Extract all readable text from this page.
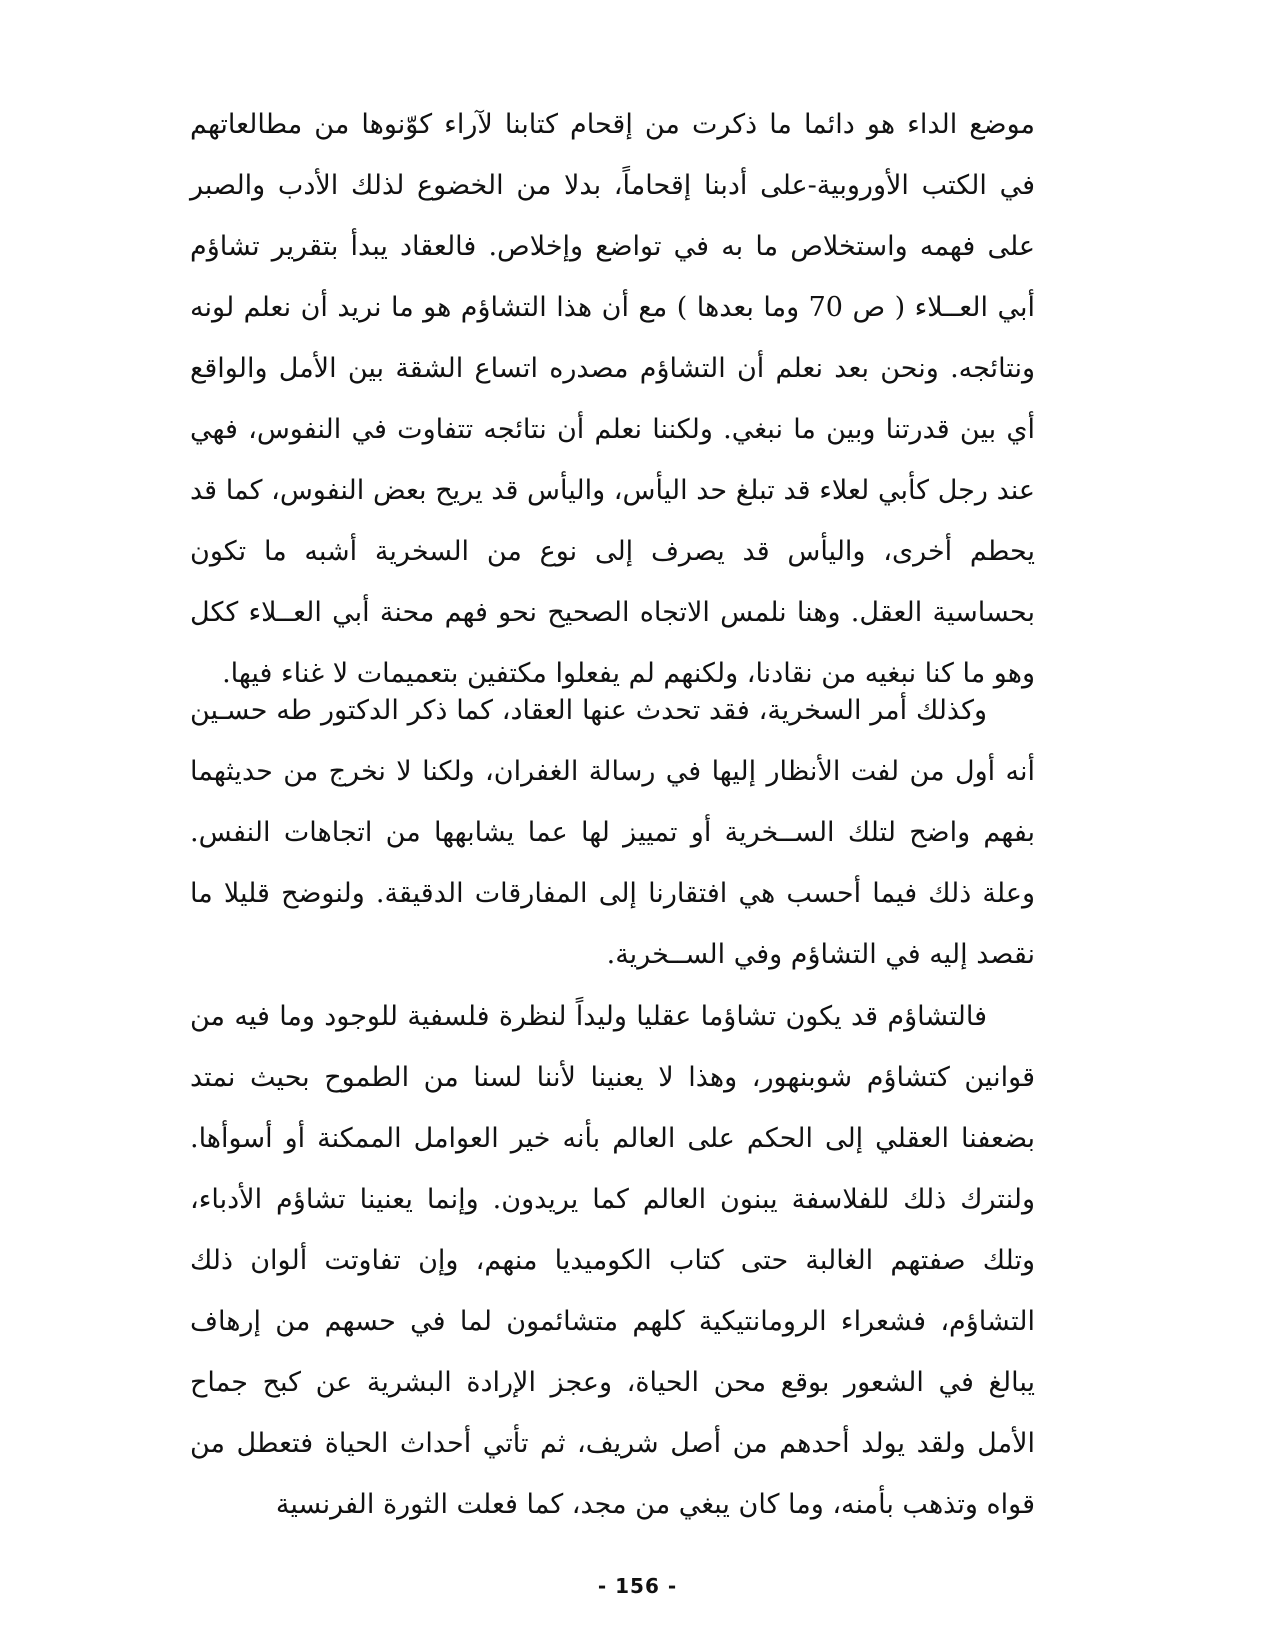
موضع الداء هو دائما ما ذكرت من إقحام كتابنا لآراء كوّنوها من مطالعاتهم في الكتب الأوروبية-على أدبنا إقحاماً، بدلا من الخضوع لذلك الأدب والصبر على فهمه واستخلاص ما به في تواضع وإخلاص. فالعقاد يبدأ بتقرير تشاؤم أبي العــلاء ( ص 70 وما بعدها ) مع أن هذا التشاؤم هو ما نريد أن نعلم لونه ونتائجه. ونحن بعد نعلم أن التشاؤم مصدره اتساع الشقة بين الأمل والواقع أي بين قدرتنا وبين ما نبغي. ولكننا نعلم أن نتائجه تتفاوت في النفوس، فهي عند رجل كأبي لعلاء قد تبلغ حد اليأس، واليأس قد يريح بعض النفوس، كما قد يحطم أخرى، واليأس قد يصرف إلى نوع من السخرية أشبه ما تكون بحساسية العقل. وهنا نلمس الاتجاه الصحيح نحو فهم محنة أبي العــلاء ككل وهو ما كنا نبغيه من نقادنا، ولكنهم لم يفعلوا مكتفين بتعميمات لا غناء فيها.

وكذلك أمر السخرية، فقد تحدث عنها العقاد، كما ذكر الدكتور طه حسـين أنه أول من لفت الأنظار إليها في رسالة الغفران، ولكنا لا نخرج من حديثهما بفهم واضح لتلك الســخرية أو تمييز لها عما يشابهها من اتجاهات النفس. وعلة ذلك فيما أحسب هي افتقارنا إلى المفارقات الدقيقة. ولنوضح قليلا ما نقصد إليه في التشاؤم وفي الســخرية.

فالتشاؤم قد يكون تشاؤما عقليا وليداً لنظرة فلسفية للوجود وما فيه من قوانين كتشاؤم شوبنهور، وهذا لا يعنينا لأننا لسنا من الطموح بحيث نمتد بضعفنا العقلي إلى الحكم على العالم بأنه خير العوامل الممكنة أو أسوأها. ولنترك ذلك للفلاسفة يبنون العالم كما يريدون. وإنما يعنينا تشاؤم الأدباء، وتلك صفتهم الغالبة حتى كتاب الكوميديا منهم، وإن تفاوتت ألوان ذلك التشاؤم، فشعراء الرومانتيكية كلهم متشائمون لما في حسهم من إرهاف يبالغ في الشعور بوقع محن الحياة، وعجز الإرادة البشرية عن كبح جماح الأمل ولقد يولد أحدهم من أصل شريف، ثم تأتي أحداث الحياة فتعطل من قواه وتذهب بأمنه، وما كان يبغي من مجد، كما فعلت الثورة الفرنسية

- 156 -
